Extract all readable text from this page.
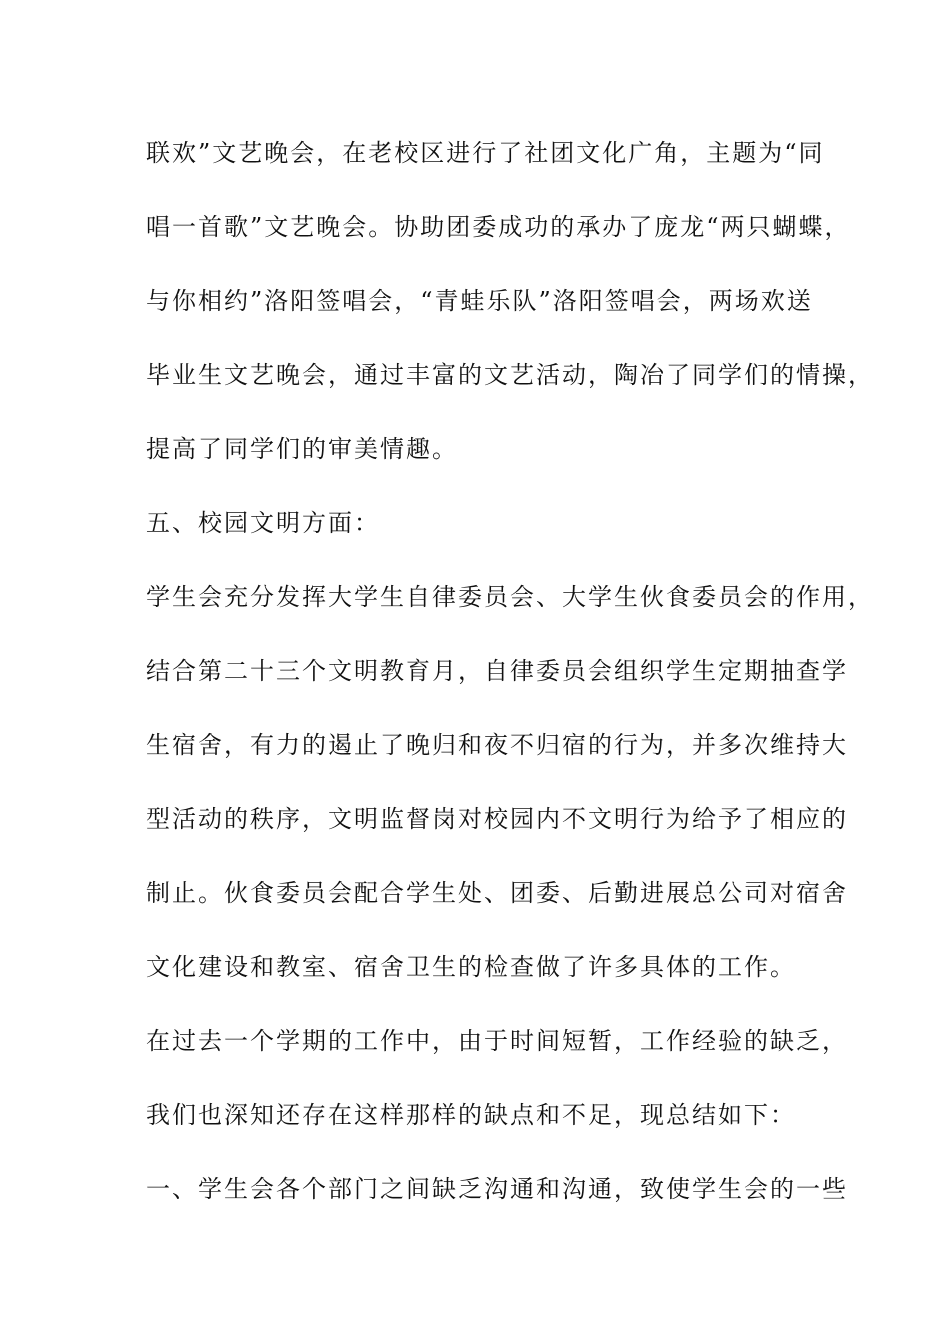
联欢”文艺晚会，在老校区进行了社团文化广角，主题为“同
唱一首歌”文艺晚会。协助团委成功的承办了庞龙“两只蝴蝶，
与你相约”洛阳签唱会，“青蛙乐队”洛阳签唱会，两场欢送
毕业生文艺晚会，通过丰富的文艺活动，陶冶了同学们的情操，
提高了同学们的审美情趣。
五、校园文明方面：
学生会充分发挥大学生自律委员会、大学生伙食委员会的作用，
结合第二十三个文明教育月，自律委员会组织学生定期抽查学
生宿舍，有力的遏止了晚归和夜不归宿的行为，并多次维持大
型活动的秩序，文明监督岗对校园内不文明行为给予了相应的
制止。伙食委员会配合学生处、团委、后勤进展总公司对宿舍
文化建设和教室、宿舍卫生的检查做了许多具体的工作。
在过去一个学期的工作中，由于时间短暂，工作经验的缺乏，
我们也深知还存在这样那样的缺点和不足，现总结如下：
一、学生会各个部门之间缺乏沟通和沟通，致使学生会的一些
